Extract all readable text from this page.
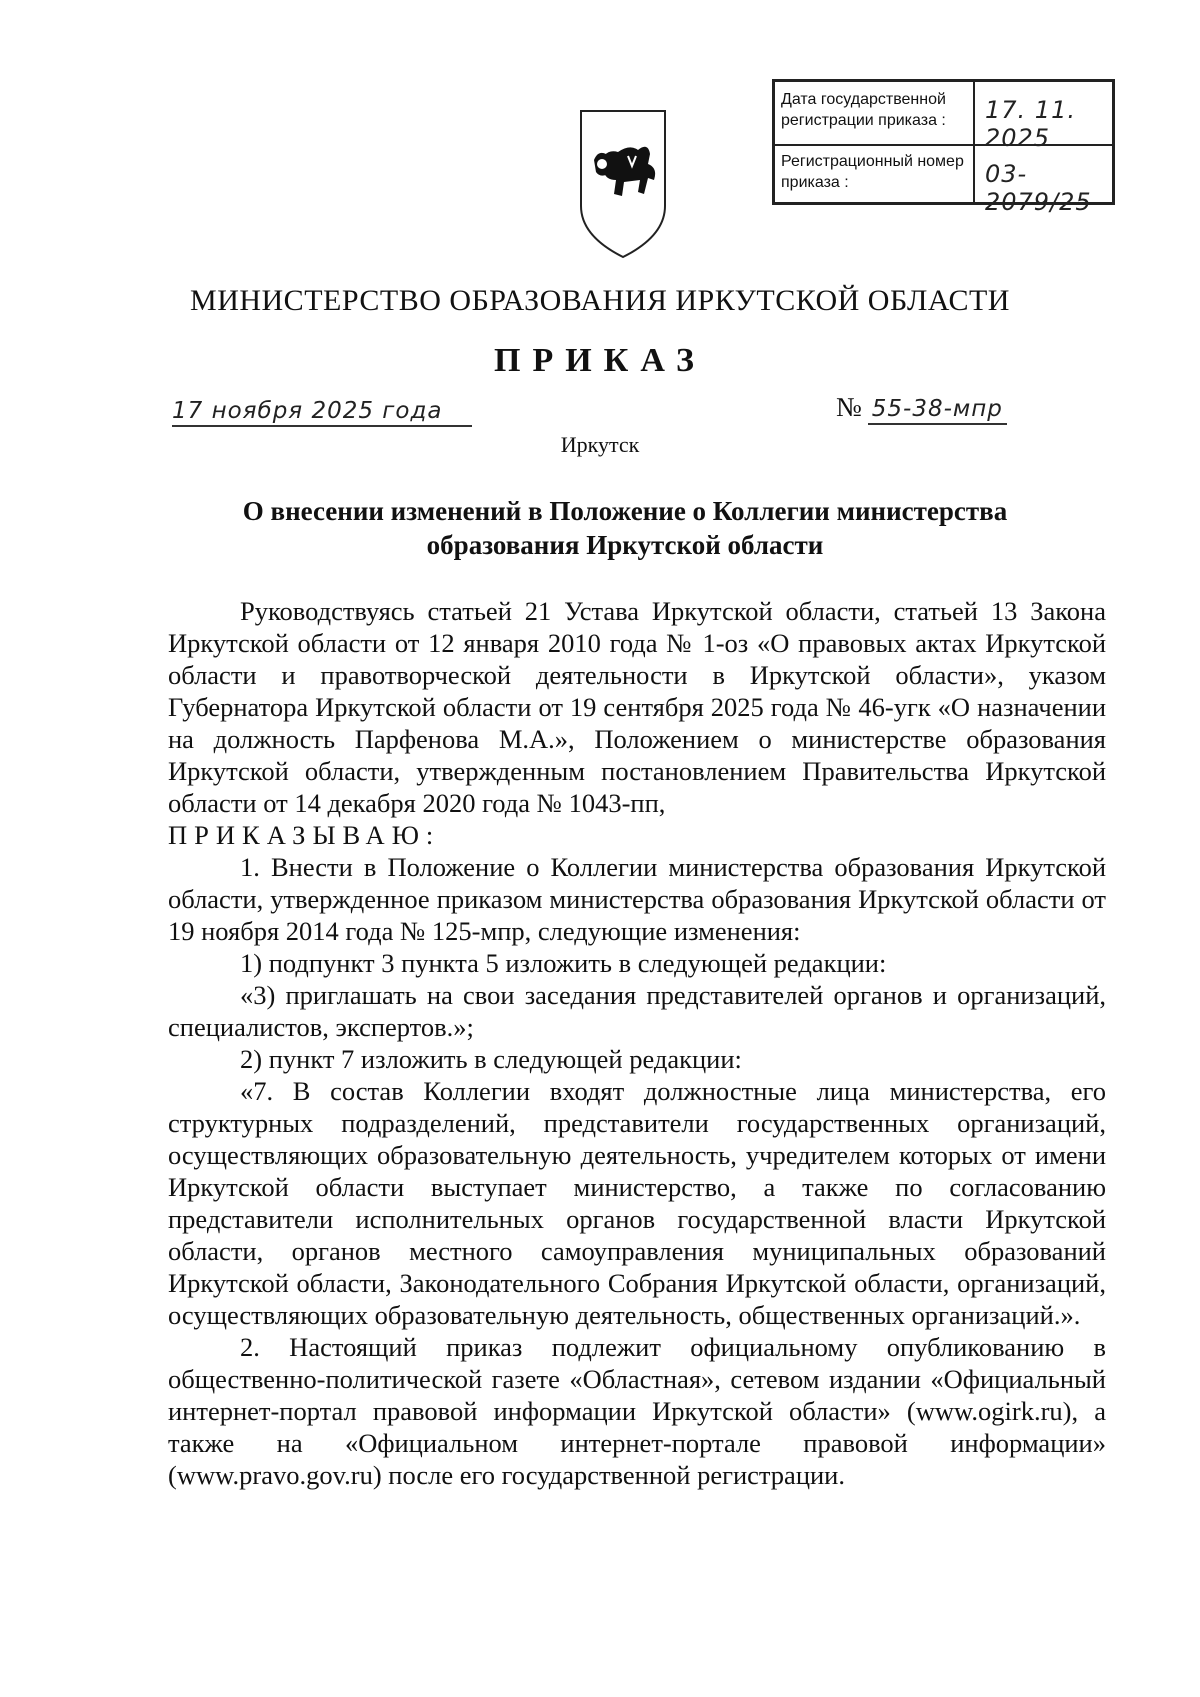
Дата государственной регистрации приказа :	17. 11. 2025
Регистрационный номер приказа :	03-2079/25
МИНИСТЕРСТВО ОБРАЗОВАНИЯ ИРКУТСКОЙ ОБЛАСТИ
ПРИКАЗ
17 ноября 2025 года	№ 55-38-мпр
Иркутск
О внесении изменений в Положение о Коллегии министерства
образования Иркутской области

Руководствуясь статьей 21 Устава Иркутской области, статьей 13 Закона Иркутской области от 12 января 2010 года № 1-оз «О правовых актах Иркутской области и правотворческой деятельности в Иркутской области», указом Губернатора Иркутской области от 19 сентября 2025 года № 46-угк «О назначении на должность Парфенова М.А.», Положением о министерстве образования Иркутской области, утвержденным постановлением Правительства Иркутской области от 14 декабря 2020 года № 1043-пп,

ПРИКАЗЫВАЮ:

1. Внести в Положение о Коллегии министерства образования Иркутской области, утвержденное приказом министерства образования Иркутской области от 19 ноября 2014 года № 125-мпр, следующие изменения:

1) подпункт 3 пункта 5 изложить в следующей редакции:

«3) приглашать на свои заседания представителей органов и организаций, специалистов, экспертов.»;

2) пункт 7 изложить в следующей редакции:

«7. В состав Коллегии входят должностные лица министерства, его структурных подразделений, представители государственных организаций, осуществляющих образовательную деятельность, учредителем которых от имени Иркутской области выступает министерство, а также по согласованию представители исполнительных органов государственной власти Иркутской области, органов местного самоуправления муниципальных образований Иркутской области, Законодательного Собрания Иркутской области, организаций, осуществляющих образовательную деятельность, общественных организаций.».

2. Настоящий приказ подлежит официальному опубликованию в общественно-политической газете «Областная», сетевом издании «Официальный интернет-портал правовой информации Иркутской области» (www.ogirk.ru), а также на «Официальном интернет-портале правовой информации» (www.pravo.gov.ru) после его государственной регистрации.
